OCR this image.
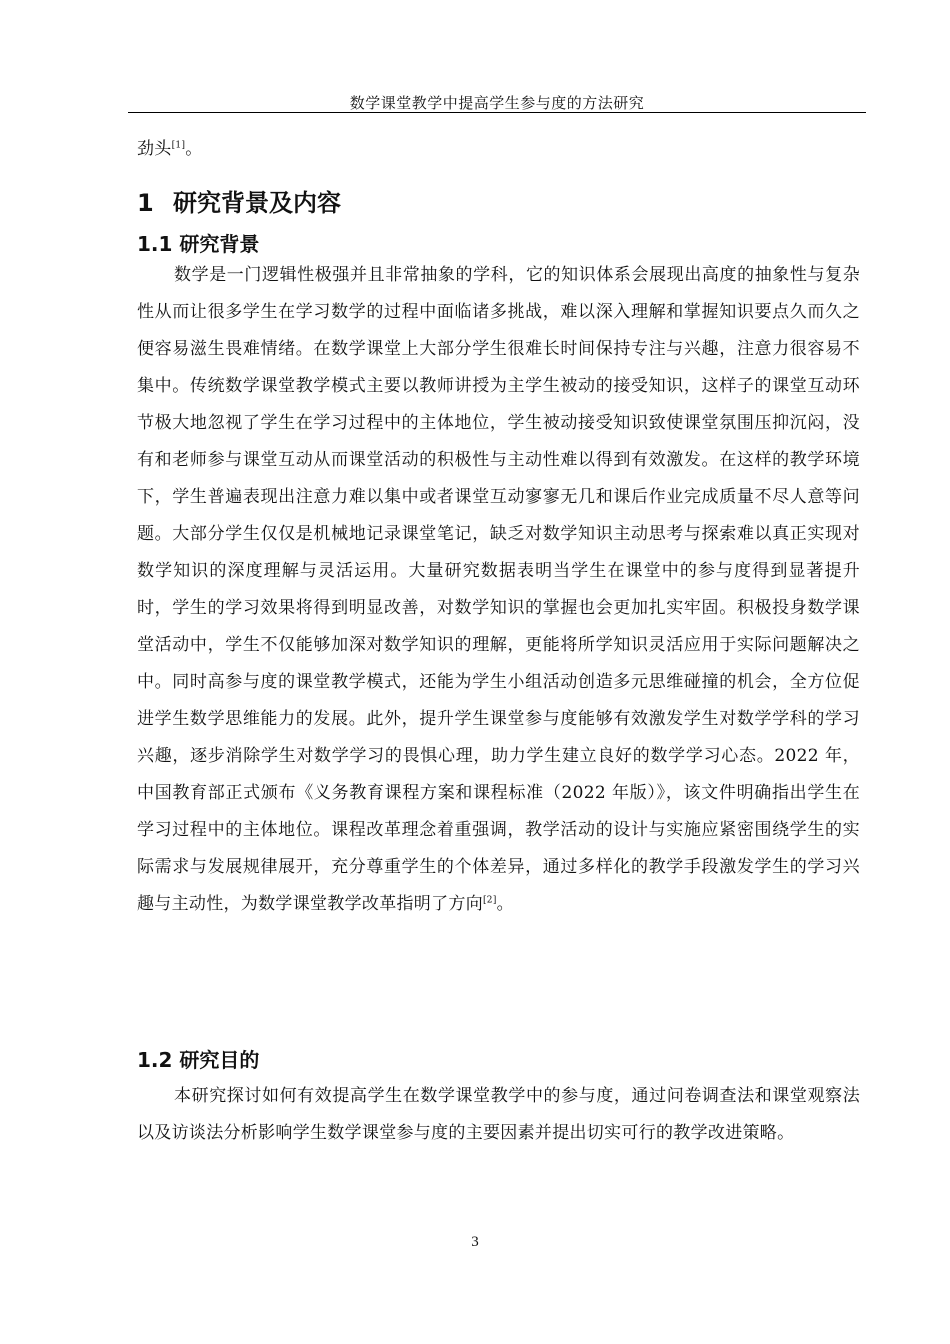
数学课堂教学中提高学生参与度的方法研究

劲头[1]。

1 研究背景及内容
1.1 研究背景

数学是一门逻辑性极强并且非常抽象的学科，它的知识体系会展现出高度的抽象性与复杂性从而让很多学生在学习数学的过程中面临诸多挑战，难以深入理解和掌握知识要点久而久之便容易滋生畏难情绪。在数学课堂上大部分学生很难长时间保持专注与兴趣，注意力很容易不集中。传统数学课堂教学模式主要以教师讲授为主学生被动的接受知识，这样子的课堂互动环节极大地忽视了学生在学习过程中的主体地位，学生被动接受知识致使课堂氛围压抑沉闷，没有和老师参与课堂互动从而课堂活动的积极性与主动性难以得到有效激发。在这样的教学环境下，学生普遍表现出注意力难以集中或者课堂互动寥寥无几和课后作业完成质量不尽人意等问题。大部分学生仅仅是机械地记录课堂笔记，缺乏对数学知识主动思考与探索难以真正实现对数学知识的深度理解与灵活运用。大量研究数据表明当学生在课堂中的参与度得到显著提升时，学生的学习效果将得到明显改善，对数学知识的掌握也会更加扎实牢固。积极投身数学课堂活动中，学生不仅能够加深对数学知识的理解，更能将所学知识灵活应用于实际问题解决之中。同时高参与度的课堂教学模式，还能为学生小组活动创造多元思维碰撞的机会，全方位促进学生数学思维能力的发展。此外，提升学生课堂参与度能够有效激发学生对数学学科的学习兴趣，逐步消除学生对数学学习的畏惧心理，助力学生建立良好的数学学习心态。2022 年，中国教育部正式颁布《义务教育课程方案和课程标准（2022 年版）》，该文件明确指出学生在学习过程中的主体地位。课程改革理念着重强调，教学活动的设计与实施应紧密围绕学生的实际需求与发展规律展开，充分尊重学生的个体差异，通过多样化的教学手段激发学生的学习兴趣与主动性，为数学课堂教学改革指明了方向[2]。

1.2 研究目的

本研究探讨如何有效提高学生在数学课堂教学中的参与度，通过问卷调查法和课堂观察法以及访谈法分析影响学生数学课堂参与度的主要因素并提出切实可行的教学改进策略。

3
